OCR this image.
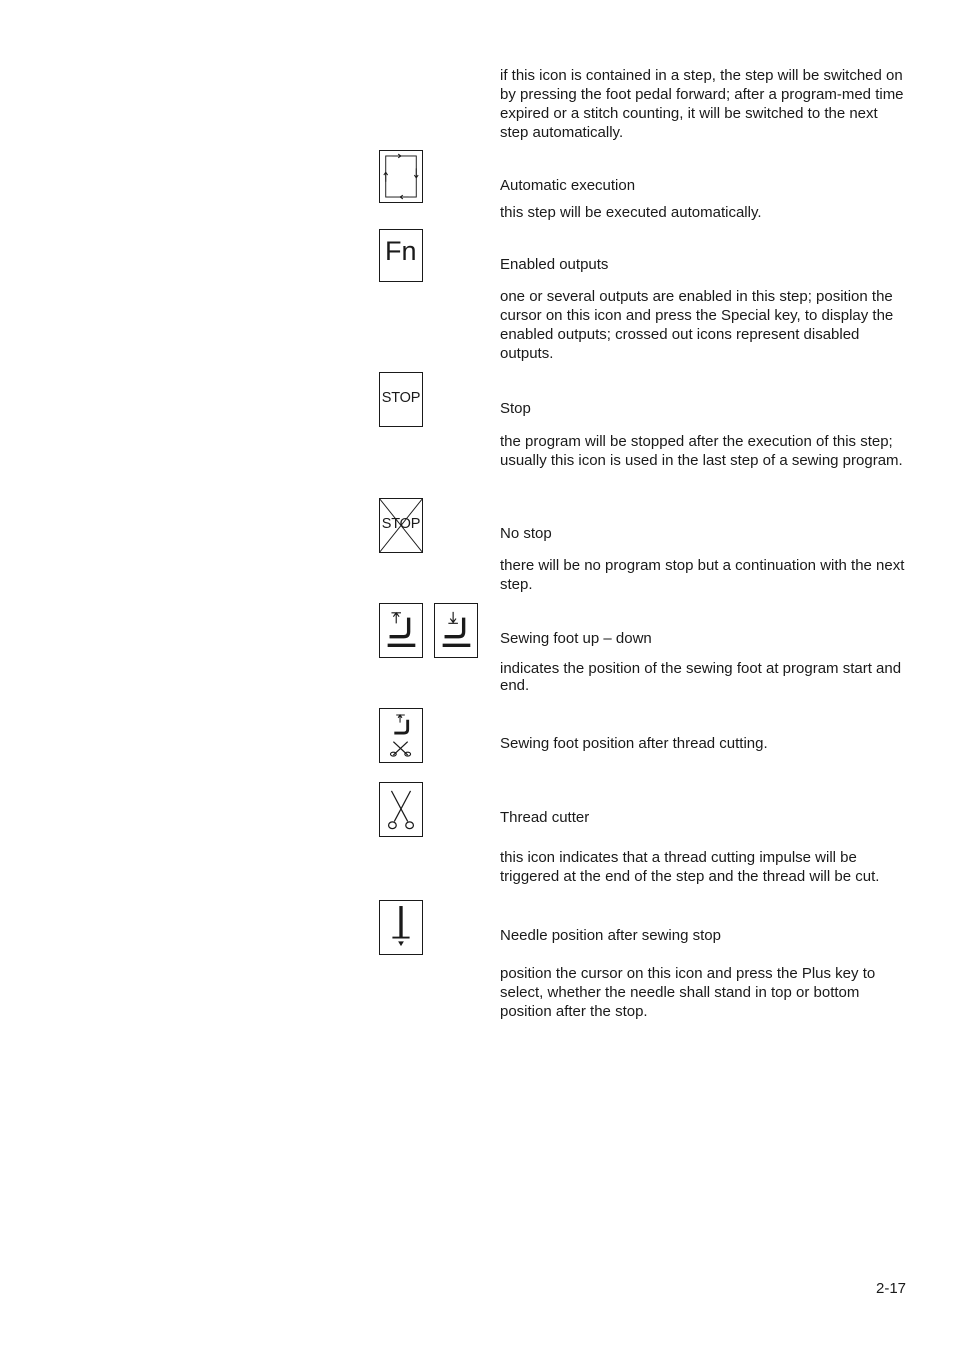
if this icon is contained in a step, the step will be switched on by pressing the foot pedal forward; after a program-med time expired or a stitch counting, it will be switched to the next step automatically.
Automatic execution
this step will be executed automatically.
Fn	Enabled outputs
one or several outputs are enabled in this step; position the cursor on this icon and press the Special key, to display the enabled outputs; crossed out icons represent disabled outputs.
STOP
Stop
the program will be stopped after the execution of this step; usually this icon is used in the last step of a sewing program.
STOP
No stop
there will be no program stop but a continuation with the next step.
Sewing foot up – down
indicates the position of the sewing foot at program start and end.
Sewing foot position after thread cutting.
Thread cutter
this icon indicates that a thread cutting impulse will be triggered at the end of the step and the thread will be cut.
Needle position after sewing stop
position the cursor on this icon and press the Plus key to select, whether the needle shall stand in top or bottom position after the stop.
2-17
